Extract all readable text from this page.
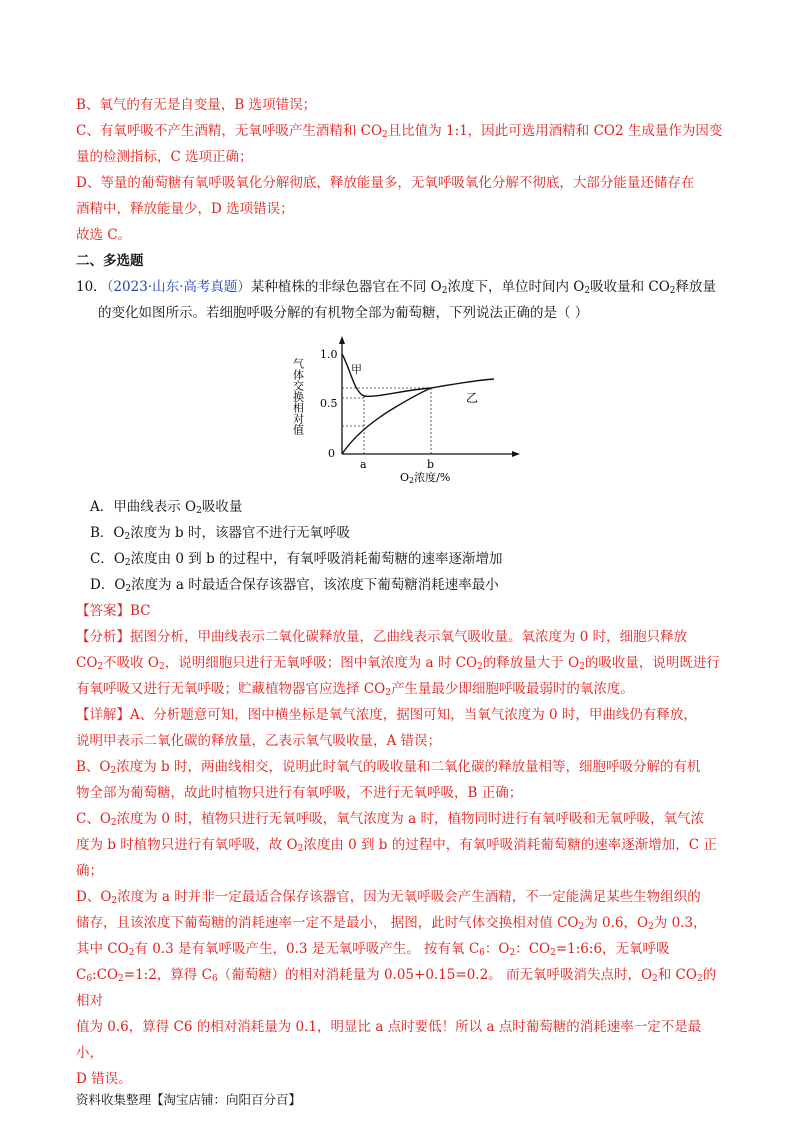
B、氧气的有无是自变量，B 选项错误；

C、有氧呼吸不产生酒精，无氧呼吸产生酒精和 $CO_2$且比值为 1:1，因此可选用酒精和 CO2 生成量作为因变

量的检测指标，C 选项正确；

D、等量的葡萄糖有氧呼吸氧化分解彻底，释放能量多，无氧呼吸氧化分解不彻底，大部分能量还储存在

酒精中，释放能量少，D 选项错误；

故选 C。

二、多选题

10．（2023·山东·高考真题）某种植株的非绿色器官在不同 $O_2$浓度下，单位时间内 $O_2$吸收量和 $CO_2$释放量

的变化如图所示。若细胞呼吸分解的有机物全部为葡萄糖，下列说法正确的是（ ）

1.0
0.5
0
气体交换相对值	甲
乙
a	b
O2浓度/%

A．甲曲线表示 $O_2$吸收量

B．$O_2$浓度为 b 时，该器官不进行无氧呼吸

C．$O_2$浓度由 0 到 b 的过程中，有氧呼吸消耗葡萄糖的速率逐渐增加

D．$O_2$浓度为 a 时最适合保存该器官，该浓度下葡萄糖消耗速率最小

【答案】BC

【分析】据图分析，甲曲线表示二氧化碳释放量，乙曲线表示氧气吸收量。氧浓度为 0 时，细胞只释放

$CO_2$不吸收 $O_2$，说明细胞只进行无氧呼吸；图中氧浓度为 a 时 $CO_2$的释放量大于 $O_2$的吸收量，说明既进行

有氧呼吸又进行无氧呼吸；贮藏植物器官应选择 $CO_2$产生量最少即细胞呼吸最弱时的氧浓度。

【详解】A、分析题意可知，图中横坐标是氧气浓度，据图可知，当氧气浓度为 0 时，甲曲线仍有释放，

说明甲表示二氧化碳的释放量，乙表示氧气吸收量，A 错误；

B、$O_2$浓度为 b 时，两曲线相交，说明此时氧气的吸收量和二氧化碳的释放量相等，细胞呼吸分解的有机

物全部为葡萄糖，故此时植物只进行有氧呼吸，不进行无氧呼吸，B 正确；

C、$O_2$浓度为 0 时，植物只进行无氧呼吸，氧气浓度为 a 时，植物同时进行有氧呼吸和无氧呼吸，氧气浓

度为 b 时植物只进行有氧呼吸，故 $O_2$浓度由 0 到 b 的过程中，有氧呼吸消耗葡萄糖的速率逐渐增加，C 正

确；

D、$O_2$浓度为 a 时并非一定最适合保存该器官，因为无氧呼吸会产生酒精，不一定能满足某些生物组织的

储存，且该浓度下葡萄糖的消耗速率一定不是最小， 据图，此时气体交换相对值 $CO_2$为 0.6，$O_2$为 0.3，

其中 $CO_2$有 0.3 是有氧呼吸产生，0.3 是无氧呼吸产生。 按有氧 $C_6$：$O_2$：$CO_2=1:6:6$，无氧呼吸

$C_6:CO_2=1:2$，算得 $C_6$（葡萄糖）的相对消耗量为 0.05+0.15=0.2。 而无氧呼吸消失点时，$O_2$和 $CO_2$的相对

值为 0.6，算得 C6 的相对消耗量为 0.1，明显比 a 点时要低！所以 a 点时葡萄糖的消耗速率一定不是最小，

D 错误。

资料收集整理【淘宝店铺：向阳百分百】
